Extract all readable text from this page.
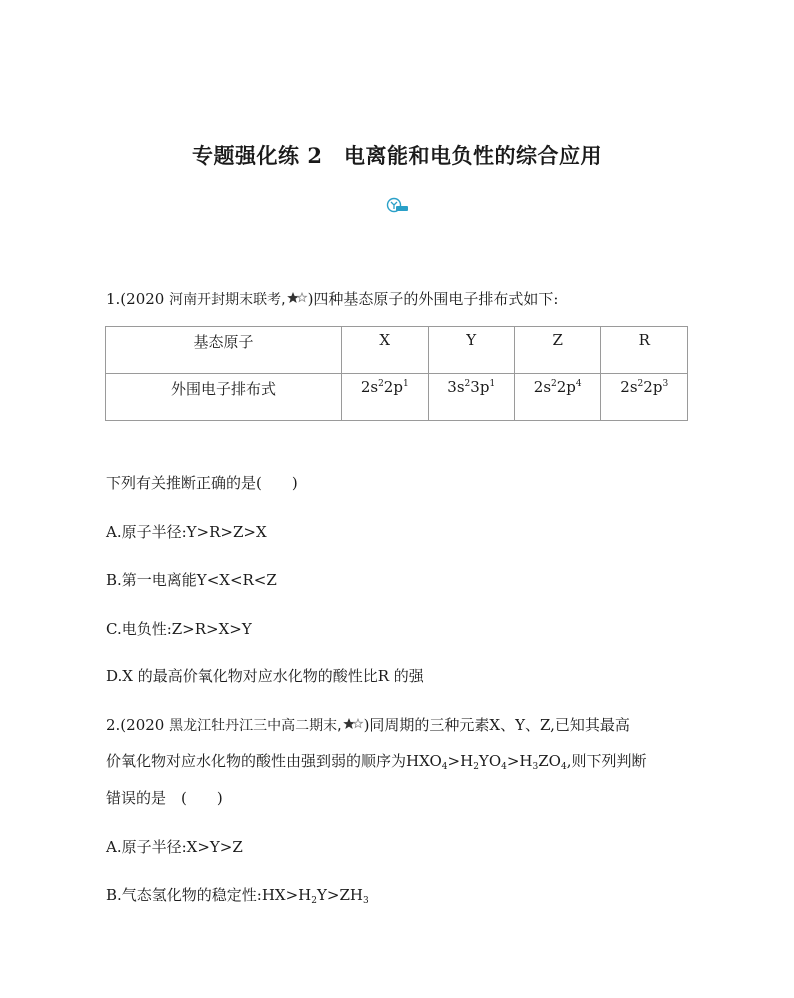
专题强化练 2　电离能和电负性的综合应用
1.(2020 河南开封期末联考, )四种基态原子的外围电子排布式如下:
基态原子	X	Y	Z	R
外围电子排布式	$2s^22p^1$	$3s^23p^1$	$2s^22p^4$	$2s^22p^3$
下列有关推断正确的是(　　)
A.原子半径:Y>R>Z>X
B.第一电离能Y<X<R<Z
C.电负性:Z>R>X>Y
D.X 的最高价氧化物对应水化物的酸性比R 的强
2.(2020 黑龙江牡丹江三中高二期末, )同周期的三种元素X、Y、Z,已知其最高
价氧化物对应水化物的酸性由强到弱的顺序为$HXO_4>H_2YO_4>H_3ZO_4$,则下列判断
错误的是　(　　)
A.原子半径:X>Y>Z
B.气态氢化物的稳定性$:HX>H_2Y>ZH_3$
